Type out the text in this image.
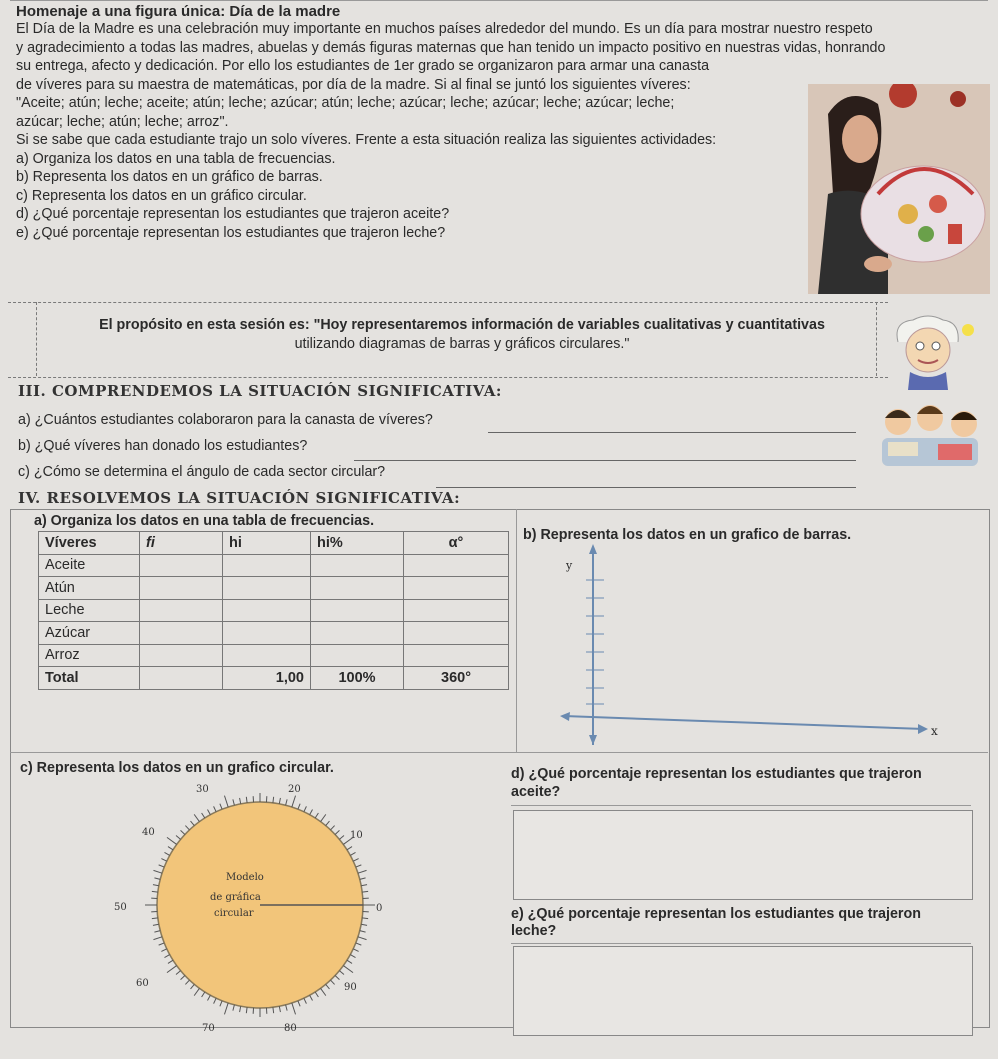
Homenaje a una figura única: Día de la madre
El Día de la Madre es una celebración muy importante en muchos países alrededor del mundo. Es un día para mostrar nuestro respeto
y agradecimiento a todas las madres, abuelas y demás figuras maternas que han tenido un impacto positivo en nuestras vidas, honrando
su entrega, afecto y dedicación. Por ello los estudiantes de 1er grado se organizaron para armar una canasta
de víveres para su maestra de matemáticas, por día de la madre. Si al final se juntó los siguientes víveres:
"Aceite; atún; leche; aceite; atún; leche; azúcar; atún; leche; azúcar; leche; azúcar; leche; azúcar; leche;
azúcar; leche; atún; leche; arroz".
Si se sabe que cada estudiante trajo un solo víveres. Frente a esta situación realiza las siguientes actividades:
a) Organiza los datos en una tabla de frecuencias.
b) Representa los datos en un gráfico de barras.
c) Representa los datos en un gráfico circular.
d) ¿Qué porcentaje representan los estudiantes que trajeron aceite?
e) ¿Qué porcentaje representan los estudiantes que trajeron leche?
El propósito en esta sesión es: "Hoy representaremos información de variables cualitativas y cuantitativas
utilizando diagramas de barras y gráficos circulares."
III. COMPRENDEMOS LA SITUACIÓN SIGNIFICATIVA:
a) ¿Cuántos estudiantes colaboraron para la canasta de víveres?
b) ¿Qué víveres han donado los estudiantes?
c) ¿Cómo se determina el ángulo de cada sector circular?
IV. RESOLVEMOS LA SITUACIÓN SIGNIFICATIVA:
a) Organiza los datos en una tabla de frecuencias.
Víveres	fi	hi	hi%	α°
Aceite				
Atún				
Leche				
Azúcar				
Arroz				
Total		1,00	100%	360°
b) Representa los datos en un grafico de barras.
y
x
c) Representa los datos en un grafico circular.
Modelo
de gráfica
circular
30	20
10
0
90
80
70
60
50
40
d) ¿Qué porcentaje representan los estudiantes que trajeron
aceite?
e) ¿Qué porcentaje representan los estudiantes que trajeron
leche?
